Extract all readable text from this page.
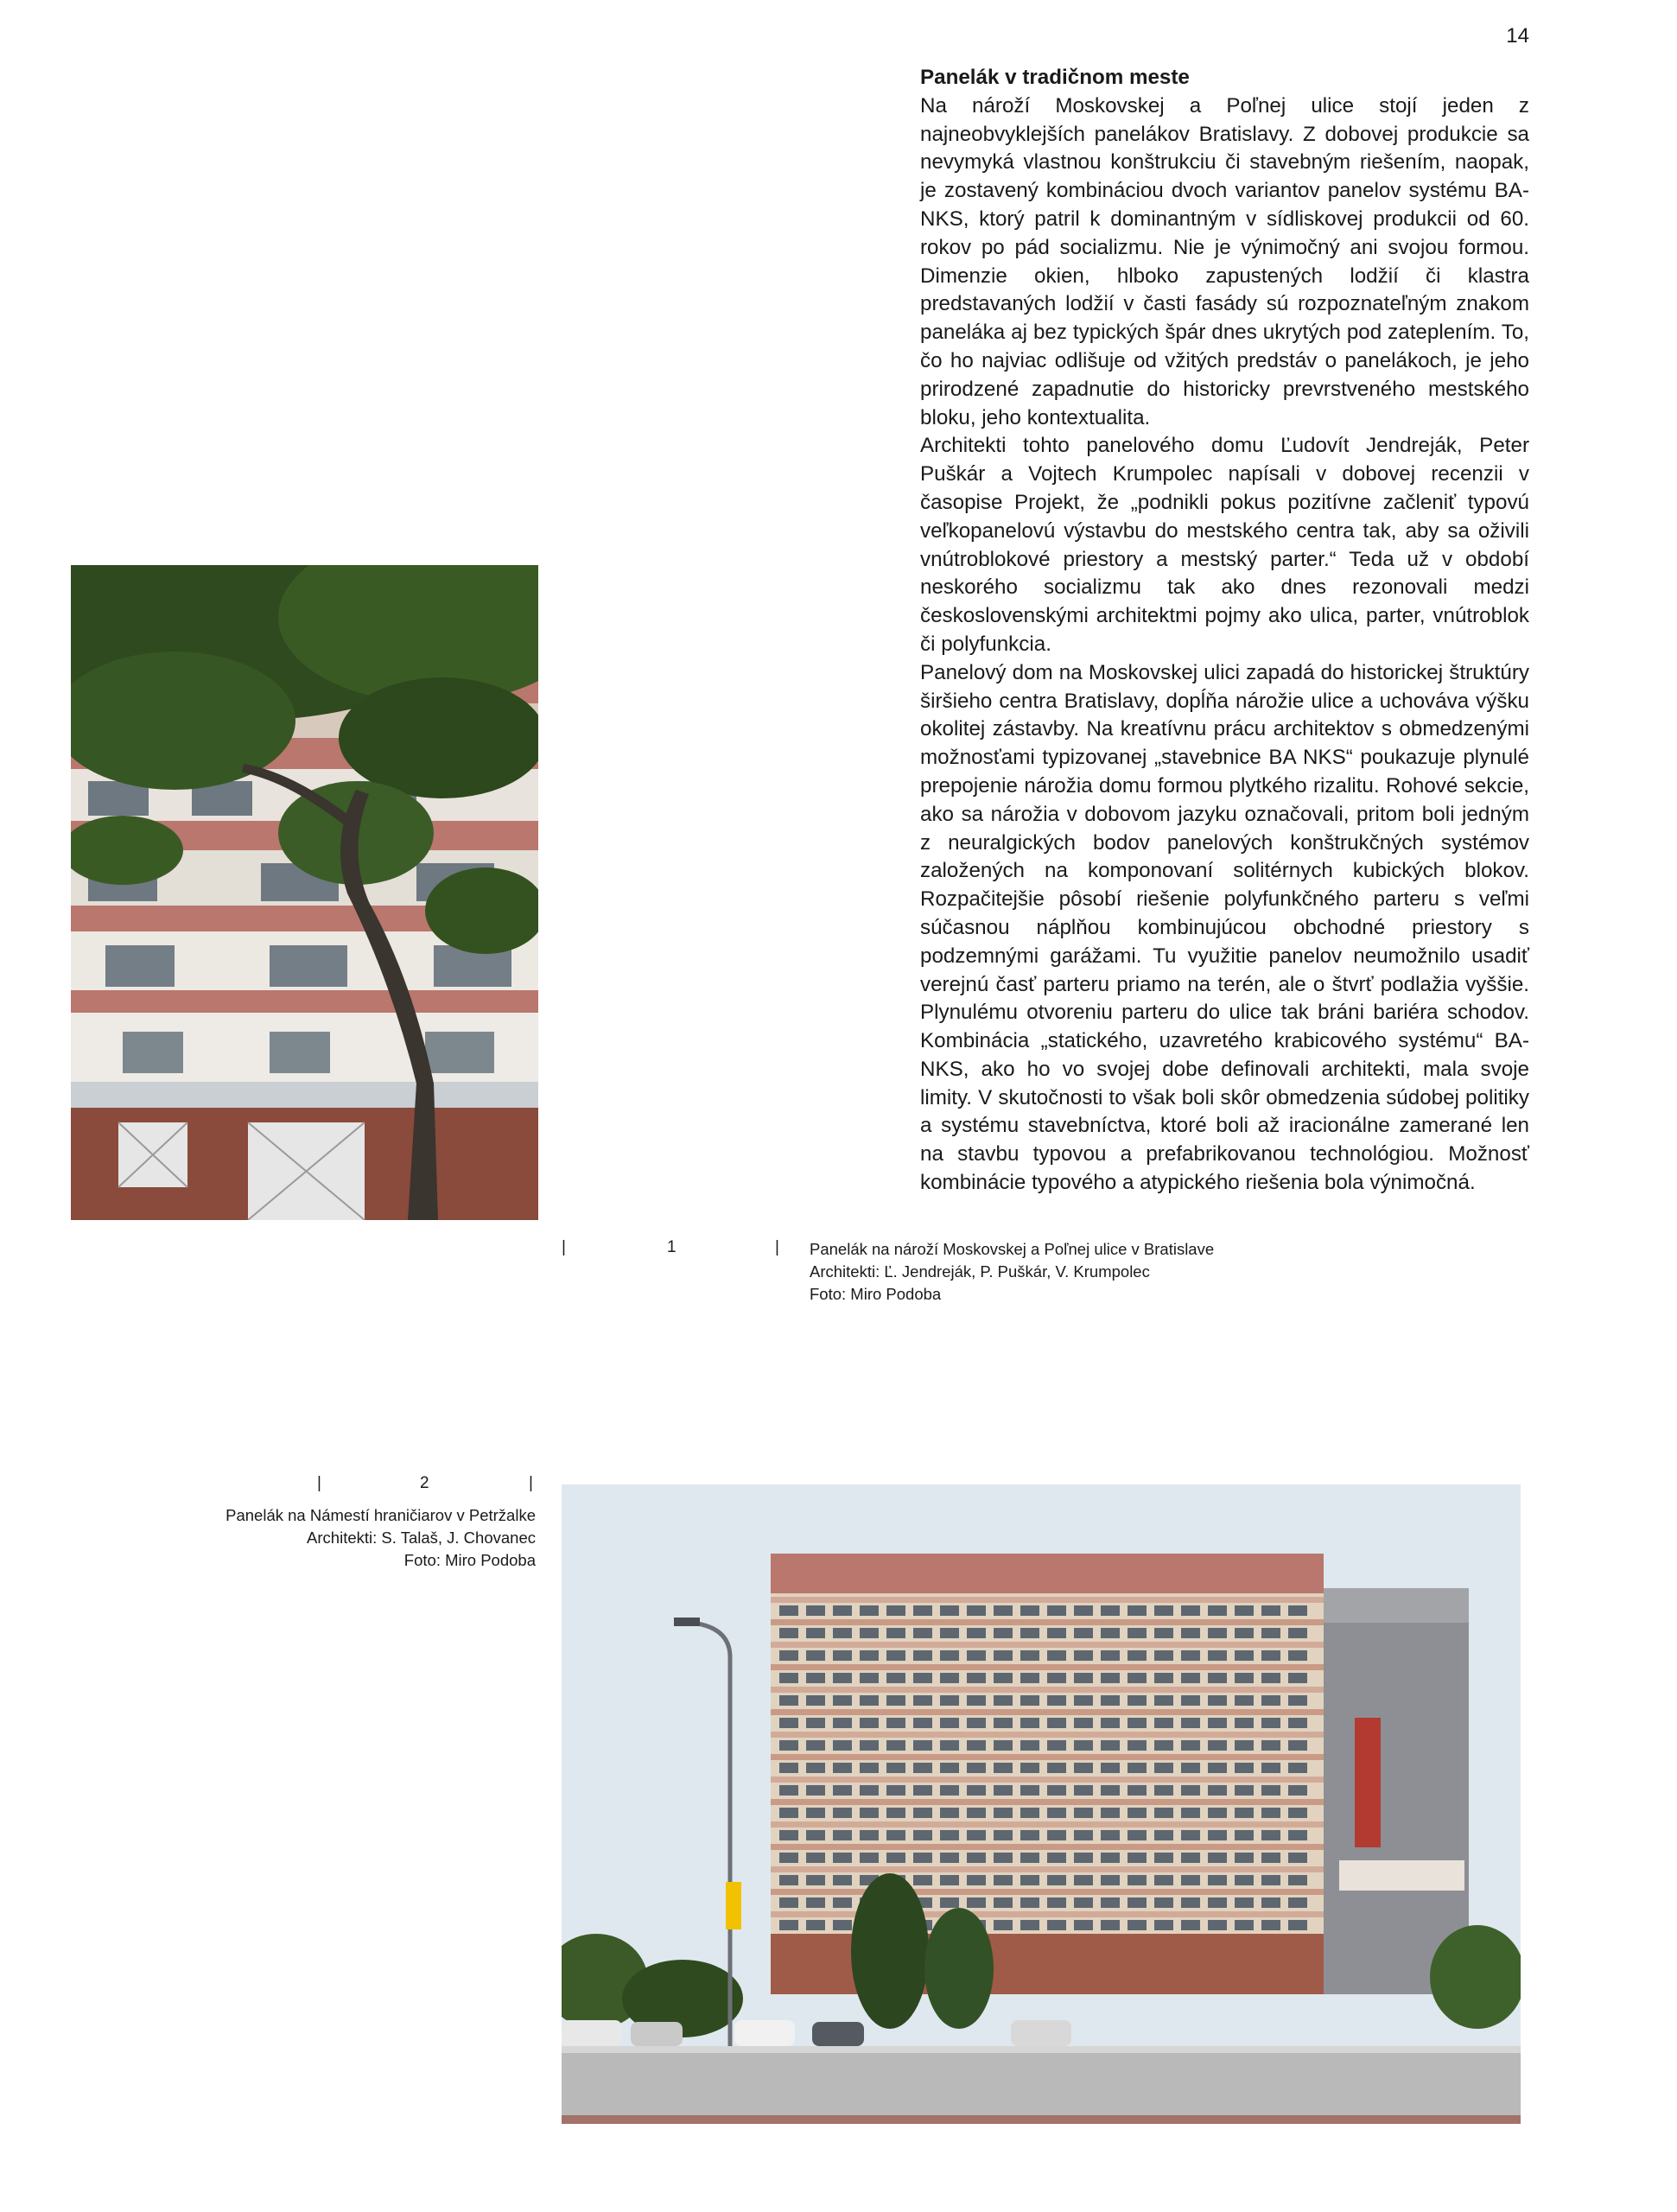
14
Panelák v tradičnom meste

Na nároží Moskovskej a Poľnej ulice stojí jeden z najneobvyklejších panelákov Bratislavy. Z dobovej produkcie sa nevymyká vlastnou konštrukciu či stavebným riešením, naopak, je zostavený kombináciou dvoch variantov panelov systému BA-NKS, ktorý patril k dominantným v sídliskovej produkcii od 60. rokov po pád socializmu. Nie je výnimočný ani svojou formou. Dimenzie okien, hlboko zapustených lodžií či klastra predstavaných lodžií v časti fasády sú rozpoznateľným znakom paneláka aj bez typických špár dnes ukrytých pod zateplením. To, čo ho najviac odlišuje od vžitých predstáv o panelákoch, je jeho prirodzené zapadnutie do historicky prevrstveného mestského bloku, jeho kontextualita.

Architekti tohto panelového domu Ľudovít Jendreják, Peter Puškár a Vojtech Krumpolec napísali v dobovej recenzii v časopise Projekt, že „podnikli pokus pozitívne začleniť typovú veľkopanelovú výstavbu do mestského centra tak, aby sa oživili vnútroblokové priestory a mestský parter.“ Teda už v období neskorého socializmu tak ako dnes rezonovali medzi československými architektmi pojmy ako ulica, parter, vnútroblok či polyfunkcia.

Panelový dom na Moskovskej ulici zapadá do historickej štruktúry širšieho centra Bratislavy, dopĺňa nárožie ulice a uchováva výšku okolitej zástavby. Na kreatívnu prácu architektov s obmedzenými možnosťami typizovanej „stavebnice BA NKS“ poukazuje plynulé prepojenie nárožia domu formou plytkého rizalitu. Rohové sekcie, ako sa nárožia v dobovom jazyku označovali, pritom boli jedným z neuralgických bodov panelových konštrukčných systémov založených na komponovaní solitérnych kubických blokov. Rozpačitejšie pôsobí riešenie polyfunkčného parteru s veľmi súčasnou náplňou kombinujúcou obchodné priestory s podzemnými garážami. Tu využitie panelov neumožnilo usadiť verejnú časť parteru priamo na terén, ale o štvrť podlažia vyššie. Plynulému otvoreniu parteru do ulice tak bráni bariéra schodov. Kombinácia „statického, uzavretého krabicového systému“ BA-NKS, ako ho vo svojej dobe definovali architekti, mala svoje limity. V skutočnosti to však boli skôr obmedzenia súdobej politiky a systému stavebníctva, ktoré boli až iracionálne zamerané len na stavbu typovou a prefabrikovanou technológiou. Možnosť kombinácie typového a atypického riešenia bola výnimočná.

|	1	| Panelák na nároží Moskovskej a Poľnej ulice v Bratislave
Architekti: Ľ. Jendreják, P. Puškár, V. Krumpolec
Foto: Miro Podoba
|	2	|
Panelák na Námestí hraničiarov v Petržalke
Architekti: S. Talaš, J. Chovanec
Foto: Miro Podoba
